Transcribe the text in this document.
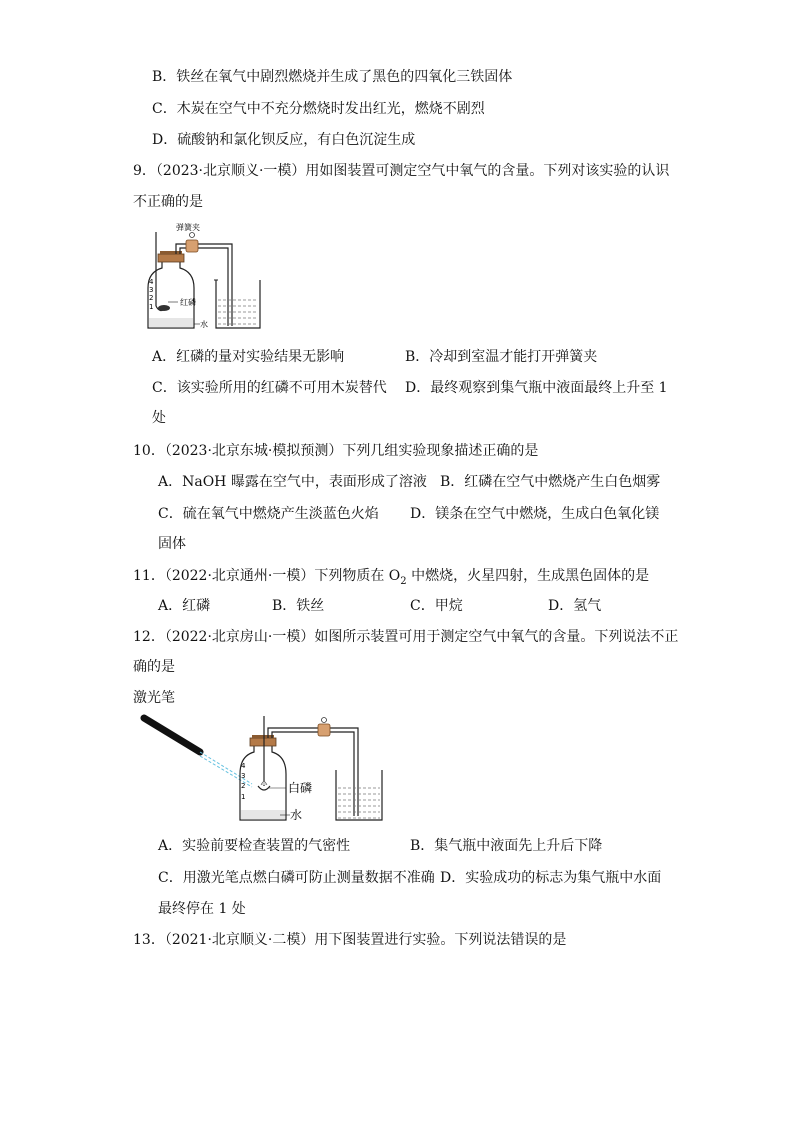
B．铁丝在氧气中剧烈燃烧并生成了黑色的四氧化三铁固体
C．木炭在空气中不充分燃烧时发出红光，燃烧不剧烈
D．硫酸钠和氯化钡反应，有白色沉淀生成
9．（2023·北京顺义·一模）用如图装置可测定空气中氧气的含量。下列对该实验的认识
不正确的是
弹簧夹
红磷
水
4
3
2
1
A．红磷的量对实验结果无影响	B．冷却到室温才能打开弹簧夹
C．该实验所用的红磷不可用木炭替代 D．最终观察到集气瓶中液面最终上升至 1
处
10．（2023·北京东城·模拟预测）下列几组实验现象描述正确的是
A．NaOH 曝露在空气中，表面形成了溶液 B．红磷在空气中燃烧产生白色烟雾
C．硫在氧气中燃烧产生淡蓝色火焰 D．镁条在空气中燃烧，生成白色氧化镁
固体
11．（2022·北京通州·一模）下列物质在 $O_2$ 中燃烧，火星四射，生成黑色固体的是
A．红磷	B．铁丝	C．甲烷	D．氢气
12．（2022·北京房山·一模）如图所示装置可用于测定空气中氧气的含量。下列说法不正
确的是
激光笔
白磷
水
4
3
2
1
A．实验前要检查装置的气密性	B．集气瓶中液面先上升后下降
C．用激光笔点燃白磷可防止测量数据不准确 D．实验成功的标志为集气瓶中水面
最终停在 1 处
13．（2021·北京顺义·二模）用下图装置进行实验。下列说法错误的是
